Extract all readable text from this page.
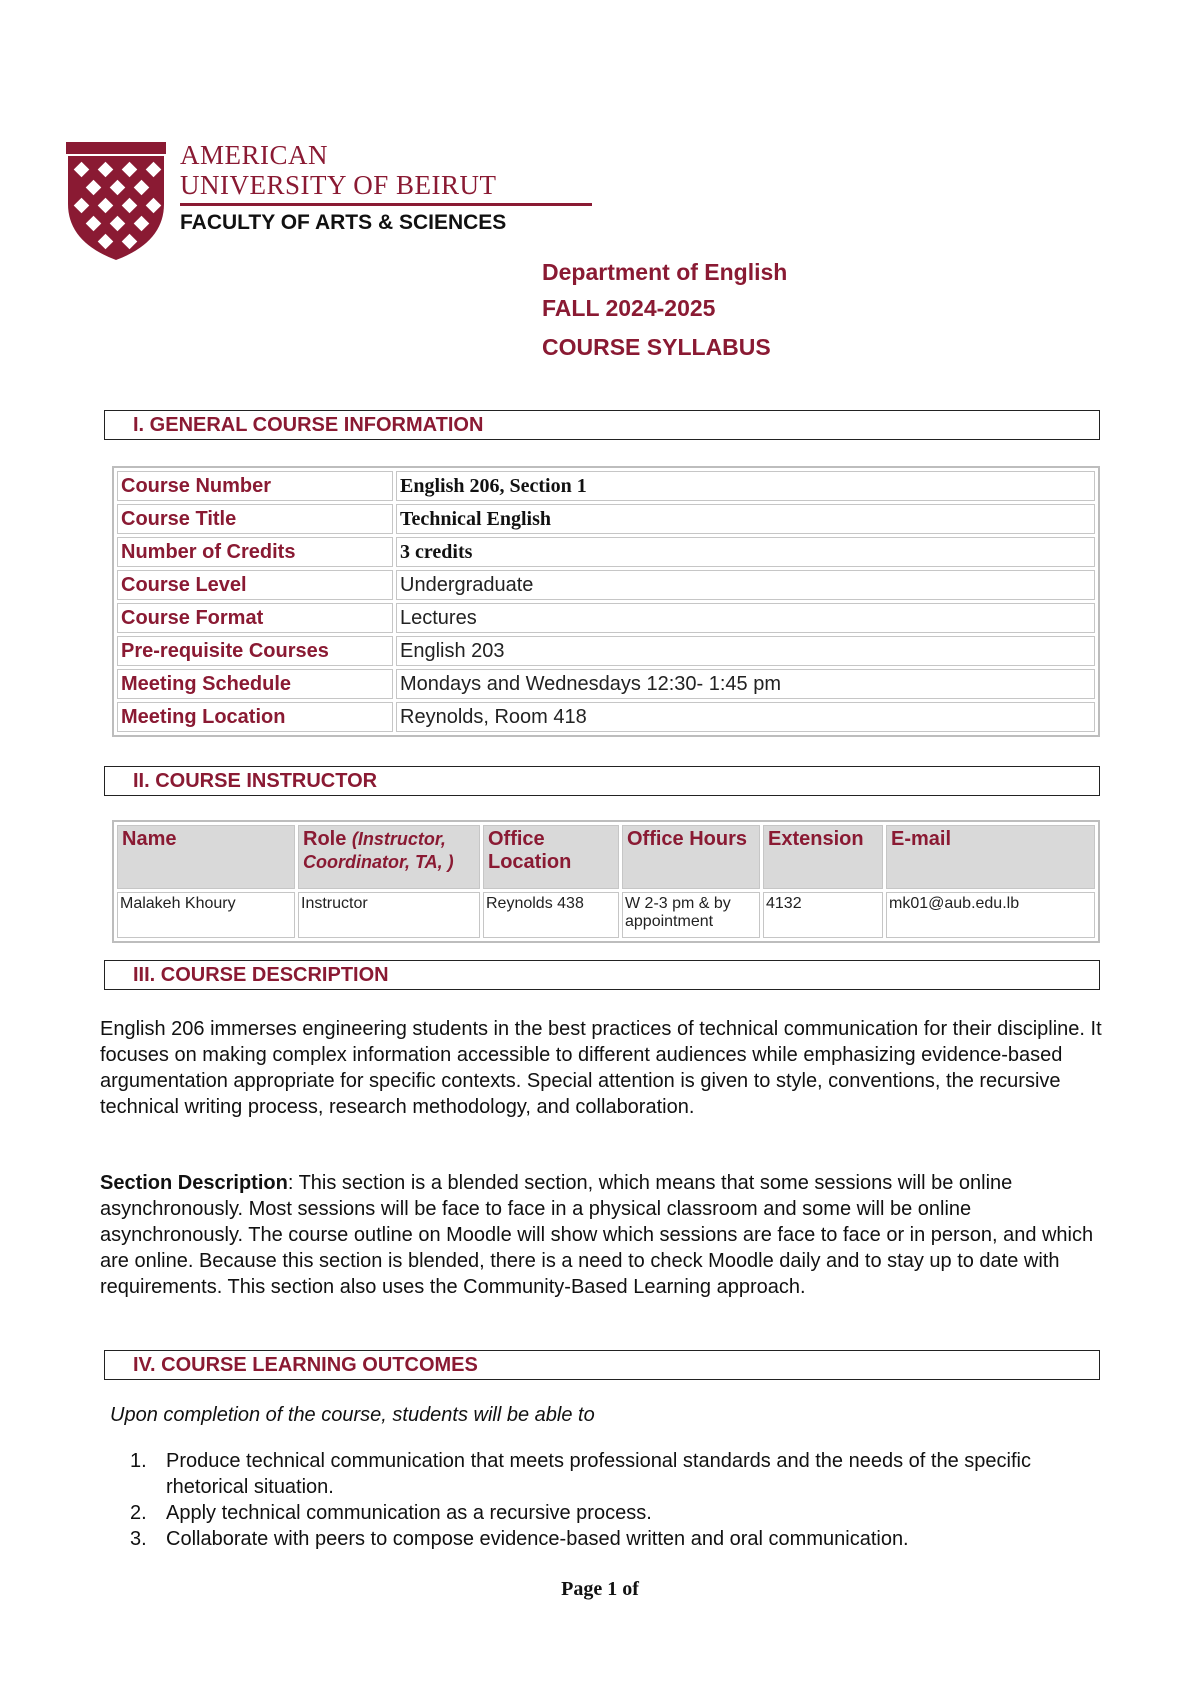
AMERICAN
UNIVERSITY OF BEIRUT
FACULTY OF ARTS & SCIENCES
Department of English
FALL 2024-2025
COURSE SYLLABUS
I. GENERAL COURSE INFORMATION
Course Number	English 206, Section 1
Course Title	Technical English
Number of Credits	3 credits
Course Level	Undergraduate
Course Format	Lectures
Pre-requisite Courses	English 203
Meeting Schedule	Mondays and Wednesdays 12:30- 1:45 pm
Meeting Location	Reynolds, Room 418
II. COURSE INSTRUCTOR
Name	Role (Instructor, Coordinator, TA, )	Office Location	Office Hours	Extension	E-mail
Malakeh Khoury	Instructor	Reynolds 438	W 2-3 pm & by appointment	4132	mk01@aub.edu.lb
III. COURSE DESCRIPTION
English 206 immerses engineering students in the best practices of technical communication for their discipline. It focuses on making complex information accessible to different audiences while emphasizing evidence-based argumentation appropriate for specific contexts. Special attention is given to style, conventions, the recursive technical writing process, research methodology, and collaboration.
Section Description: This section is a blended section, which means that some sessions will be online asynchronously. Most sessions will be face to face in a physical classroom and some will be online asynchronously. The course outline on Moodle will show which sessions are face to face or in person, and which are online. Because this section is blended, there is a need to check Moodle daily and to stay up to date with requirements. This section also uses the Community-Based Learning approach.
IV. COURSE LEARNING OUTCOMES
Upon completion of the course, students will be able to
1. Produce technical communication that meets professional standards and the needs of the specific rhetorical situation.
2. Apply technical communication as a recursive process.
3. Collaborate with peers to compose evidence-based written and oral communication.
Page 1 of
